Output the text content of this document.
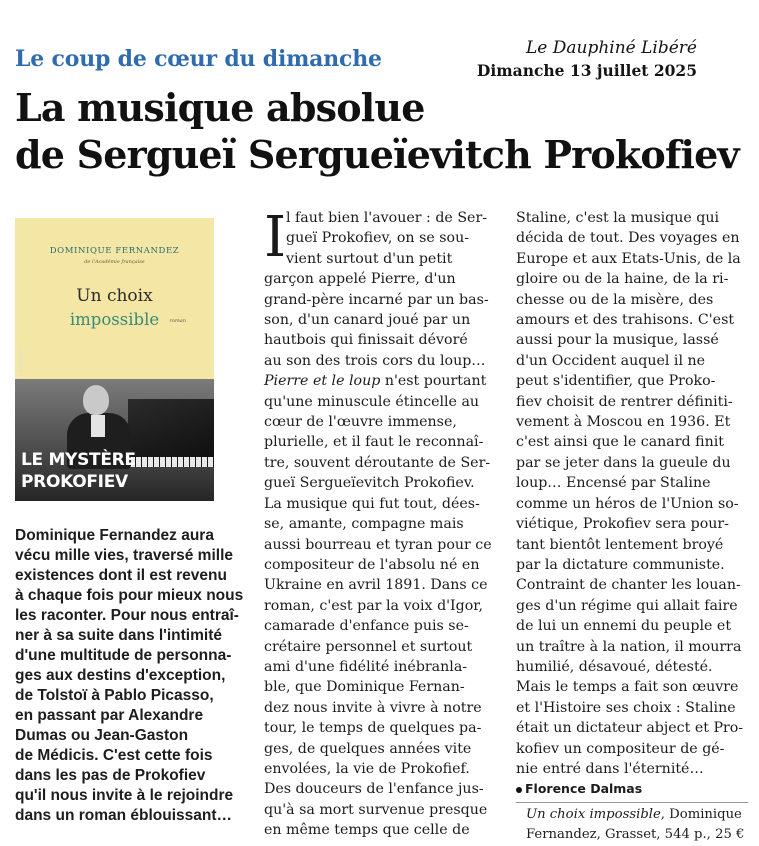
Le coup de cœur du dimanche	Le Dauphiné Libéré
Dimanche 13 juillet 2025
La musique absolue
de Sergueï Sergueïevitch Prokofiev
DOMINIQUE FERNANDEZ
de l'Académie française
Un choix
impossible	roman
GRASSET
LE MYSTÈRE
PROKOFIEV
Dominique Fernandez aura
vécu mille vies, traversé mille
existences dont il est revenu
à chaque fois pour mieux nous
les raconter. Pour nous entraî-
ner à sa suite dans l'intimité
d'une multitude de personna-
ges aux destins d'exception,
de Tolstoï à Pablo Picasso,
en passant par Alexandre
Dumas ou Jean-Gaston
de Médicis. C'est cette fois
dans les pas de Prokofiev
qu'il nous invite à le rejoindre
dans un roman éblouissant…
I l faut bien l'avouer : de Ser-
gueï Prokofiev, on se sou-
vient surtout d'un petit
garçon appelé Pierre, d'un
grand-père incarné par un bas-
son, d'un canard joué par un
hautbois qui finissait dévoré
au son des trois cors du loup…
Pierre et le loup n'est pourtant
qu'une minuscule étincelle au
cœur de l'œuvre immense,
plurielle, et il faut le reconnaî-
tre, souvent déroutante de Ser-
gueï Sergueïevitch Prokofiev.
La musique qui fut tout, dées-
se, amante, compagne mais
aussi bourreau et tyran pour ce
compositeur de l'absolu né en
Ukraine en avril 1891. Dans ce
roman, c'est par la voix d'Igor,
camarade d'enfance puis se-
crétaire personnel et surtout
ami d'une fidélité inébranla-
ble, que Dominique Fernan-
dez nous invite à vivre à notre
tour, le temps de quelques pa-
ges, de quelques années vite
envolées, la vie de Prokofief.
Des douceurs de l'enfance jus-
qu'à sa mort survenue presque
en même temps que celle de
Staline, c'est la musique qui
décida de tout. Des voyages en
Europe et aux Etats-Unis, de la
gloire ou de la haine, de la ri-
chesse ou de la misère, des
amours et des trahisons. C'est
aussi pour la musique, lassé
d'un Occident auquel il ne
peut s'identifier, que Proko-
fiev choisit de rentrer définiti-
vement à Moscou en 1936. Et
c'est ainsi que le canard finit
par se jeter dans la gueule du
loup… Encensé par Staline
comme un héros de l'Union so-
viétique, Prokofiev sera pour-
tant bientôt lentement broyé
par la dictature communiste.
Contraint de chanter les louan-
ges d'un régime qui allait faire
de lui un ennemi du peuple et
un traître à la nation, il mourra
humilié, désavoué, détesté.
Mais le temps a fait son œuvre
et l'Histoire ses choix : Staline
était un dictateur abject et Pro-
kofiev un compositeur de gé-
nie entré dans l'éternité…
Florence Dalmas
Un choix impossible, Dominique
Fernandez, Grasset, 544 p., 25 €
